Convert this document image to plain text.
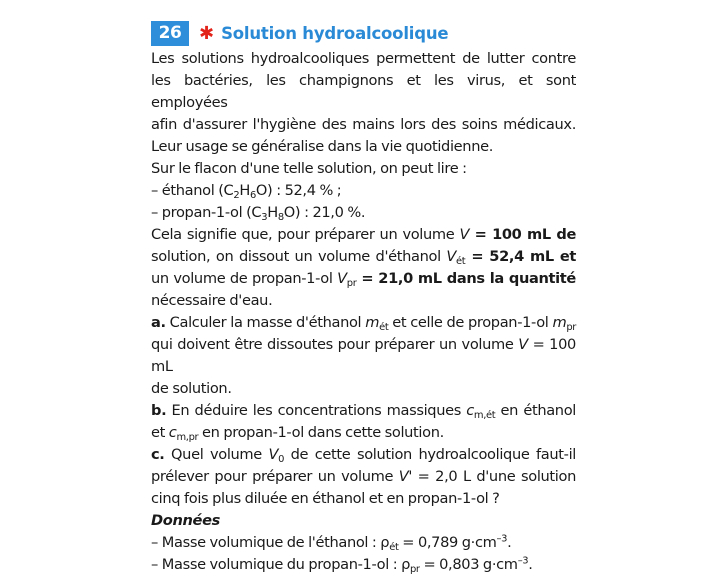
26 ✱ Solution hydroalcoolique
Les solutions hydroalcooliques permettent de lutter contre
les bactéries, les champignons et les virus, et sont employées
afin d'assurer l'hygiène des mains lors des soins médicaux.
Leur usage se généralise dans la vie quotidienne.
Sur le flacon d'une telle solution, on peut lire :
– éthanol $(C_2H_6O)$ : 52,4 % ;
– propan-1-ol $(C_3H_8O)$ : 21,0 %.
Cela signifie que, pour préparer un volume V = 100 mL de
solution, on dissout un volume d'éthanol $V_{ét} = 52,4$ mL et
un volume de propan-1-ol $V_{pr} = 21,0$ mL dans la quantité
nécessaire d'eau.
a. Calculer la masse d'éthanol $m_{ét}$ et celle de propan-1-ol $m_{pr}$
qui doivent être dissoutes pour préparer un volume V = 100 mL
de solution.
b. En déduire les concentrations massiques $c_{m,ét}$ en éthanol
et $c_{m,pr}$ en propan-1-ol dans cette solution.
c. Quel volume $V_0$ de cette solution hydroalcoolique faut-il
prélever pour préparer un volume V' = 2,0 L d'une solution
cinq fois plus diluée en éthanol et en propan-1-ol ?
Données
– Masse volumique de l'éthanol : $\rho_{ét} = 0,789$ $g\cdot cm^{-3}$.
– Masse volumique du propan-1-ol : $\rho_{pr} = 0,803$ $g\cdot cm^{-3}$.
